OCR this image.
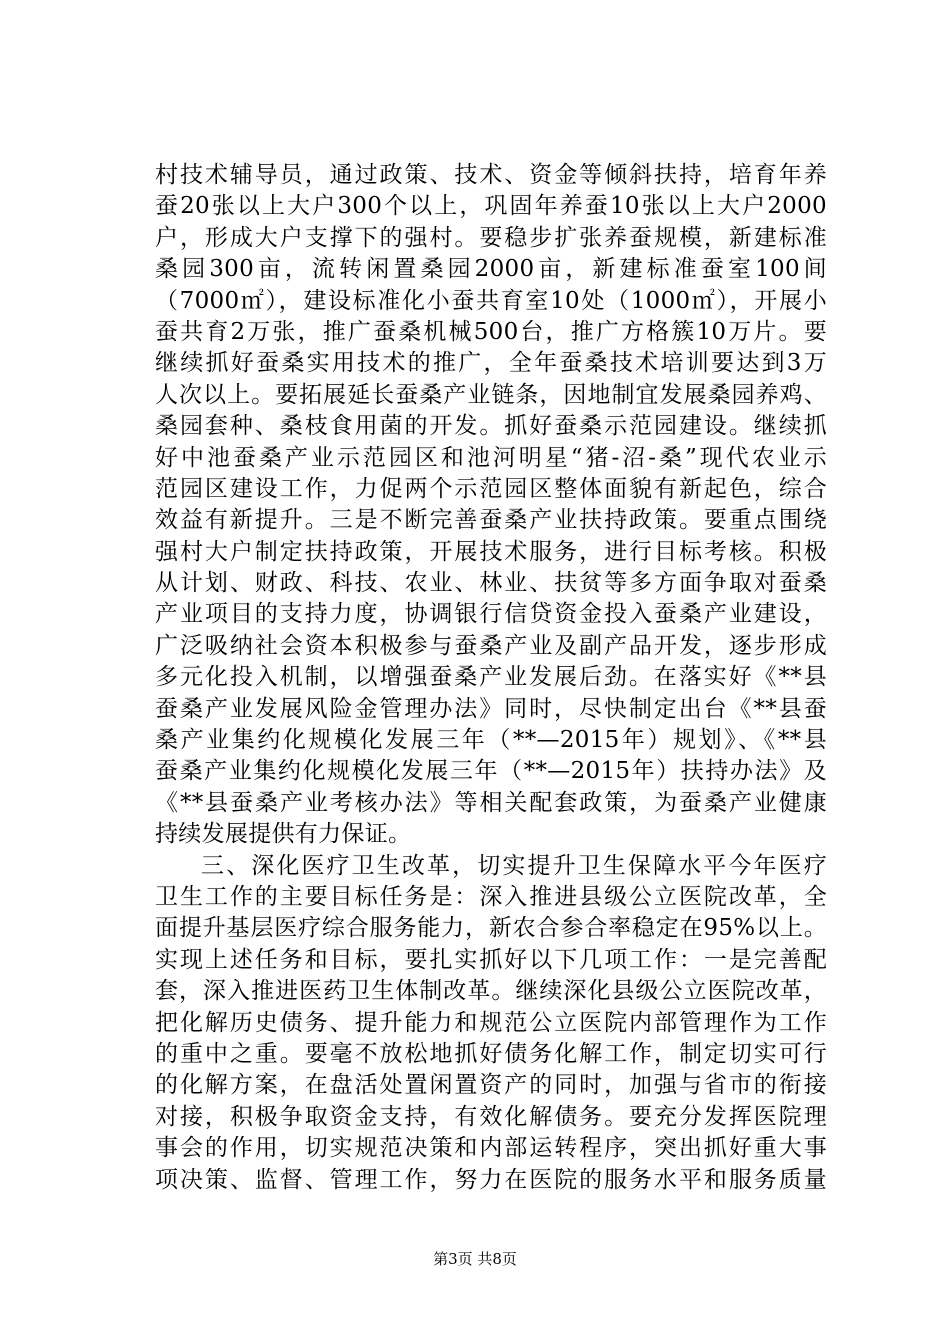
村技术辅导员，通过政策、技术、资金等倾斜扶持，培育年养
蚕20张以上大户300个以上，巩固年养蚕10张以上大户2000
户，形成大户支撑下的强村。要稳步扩张养蚕规模，新建标准
桑园300亩，流转闲置桑园2000亩，新建标准蚕室100间
（7000㎡），建设标准化小蚕共育室10处（1000㎡），开展小
蚕共育2万张，推广蚕桑机械500台，推广方格簇10万片。要
继续抓好蚕桑实用技术的推广，全年蚕桑技术培训要达到3万
人次以上。要拓展延长蚕桑产业链条，因地制宜发展桑园养鸡、
桑园套种、桑枝食用菌的开发。抓好蚕桑示范园建设。继续抓
好中池蚕桑产业示范园区和池河明星“猪-沼-桑”现代农业示
范园区建设工作，力促两个示范园区整体面貌有新起色，综合
效益有新提升。三是不断完善蚕桑产业扶持政策。要重点围绕
强村大户制定扶持政策，开展技术服务，进行目标考核。积极
从计划、财政、科技、农业、林业、扶贫等多方面争取对蚕桑
产业项目的支持力度，协调银行信贷资金投入蚕桑产业建设，
广泛吸纳社会资本积极参与蚕桑产业及副产品开发，逐步形成
多元化投入机制，以增强蚕桑产业发展后劲。在落实好《**县
蚕桑产业发展风险金管理办法》同时，尽快制定出台《**县蚕
桑产业集约化规模化发展三年（**—2015年）规划》、《**县
蚕桑产业集约化规模化发展三年（**—2015年）扶持办法》及
《**县蚕桑产业考核办法》等相关配套政策，为蚕桑产业健康
持续发展提供有力保证。
三、深化医疗卫生改革，切实提升卫生保障水平今年医疗
卫生工作的主要目标任务是：深入推进县级公立医院改革，全
面提升基层医疗综合服务能力，新农合参合率稳定在95%以上。
实现上述任务和目标，要扎实抓好以下几项工作：一是完善配
套，深入推进医药卫生体制改革。继续深化县级公立医院改革，
把化解历史债务、提升能力和规范公立医院内部管理作为工作
的重中之重。要毫不放松地抓好债务化解工作，制定切实可行
的化解方案，在盘活处置闲置资产的同时，加强与省市的衔接
对接，积极争取资金支持，有效化解债务。要充分发挥医院理
事会的作用，切实规范决策和内部运转程序，突出抓好重大事
项决策、监督、管理工作，努力在医院的服务水平和服务质量
第3页 共8页
